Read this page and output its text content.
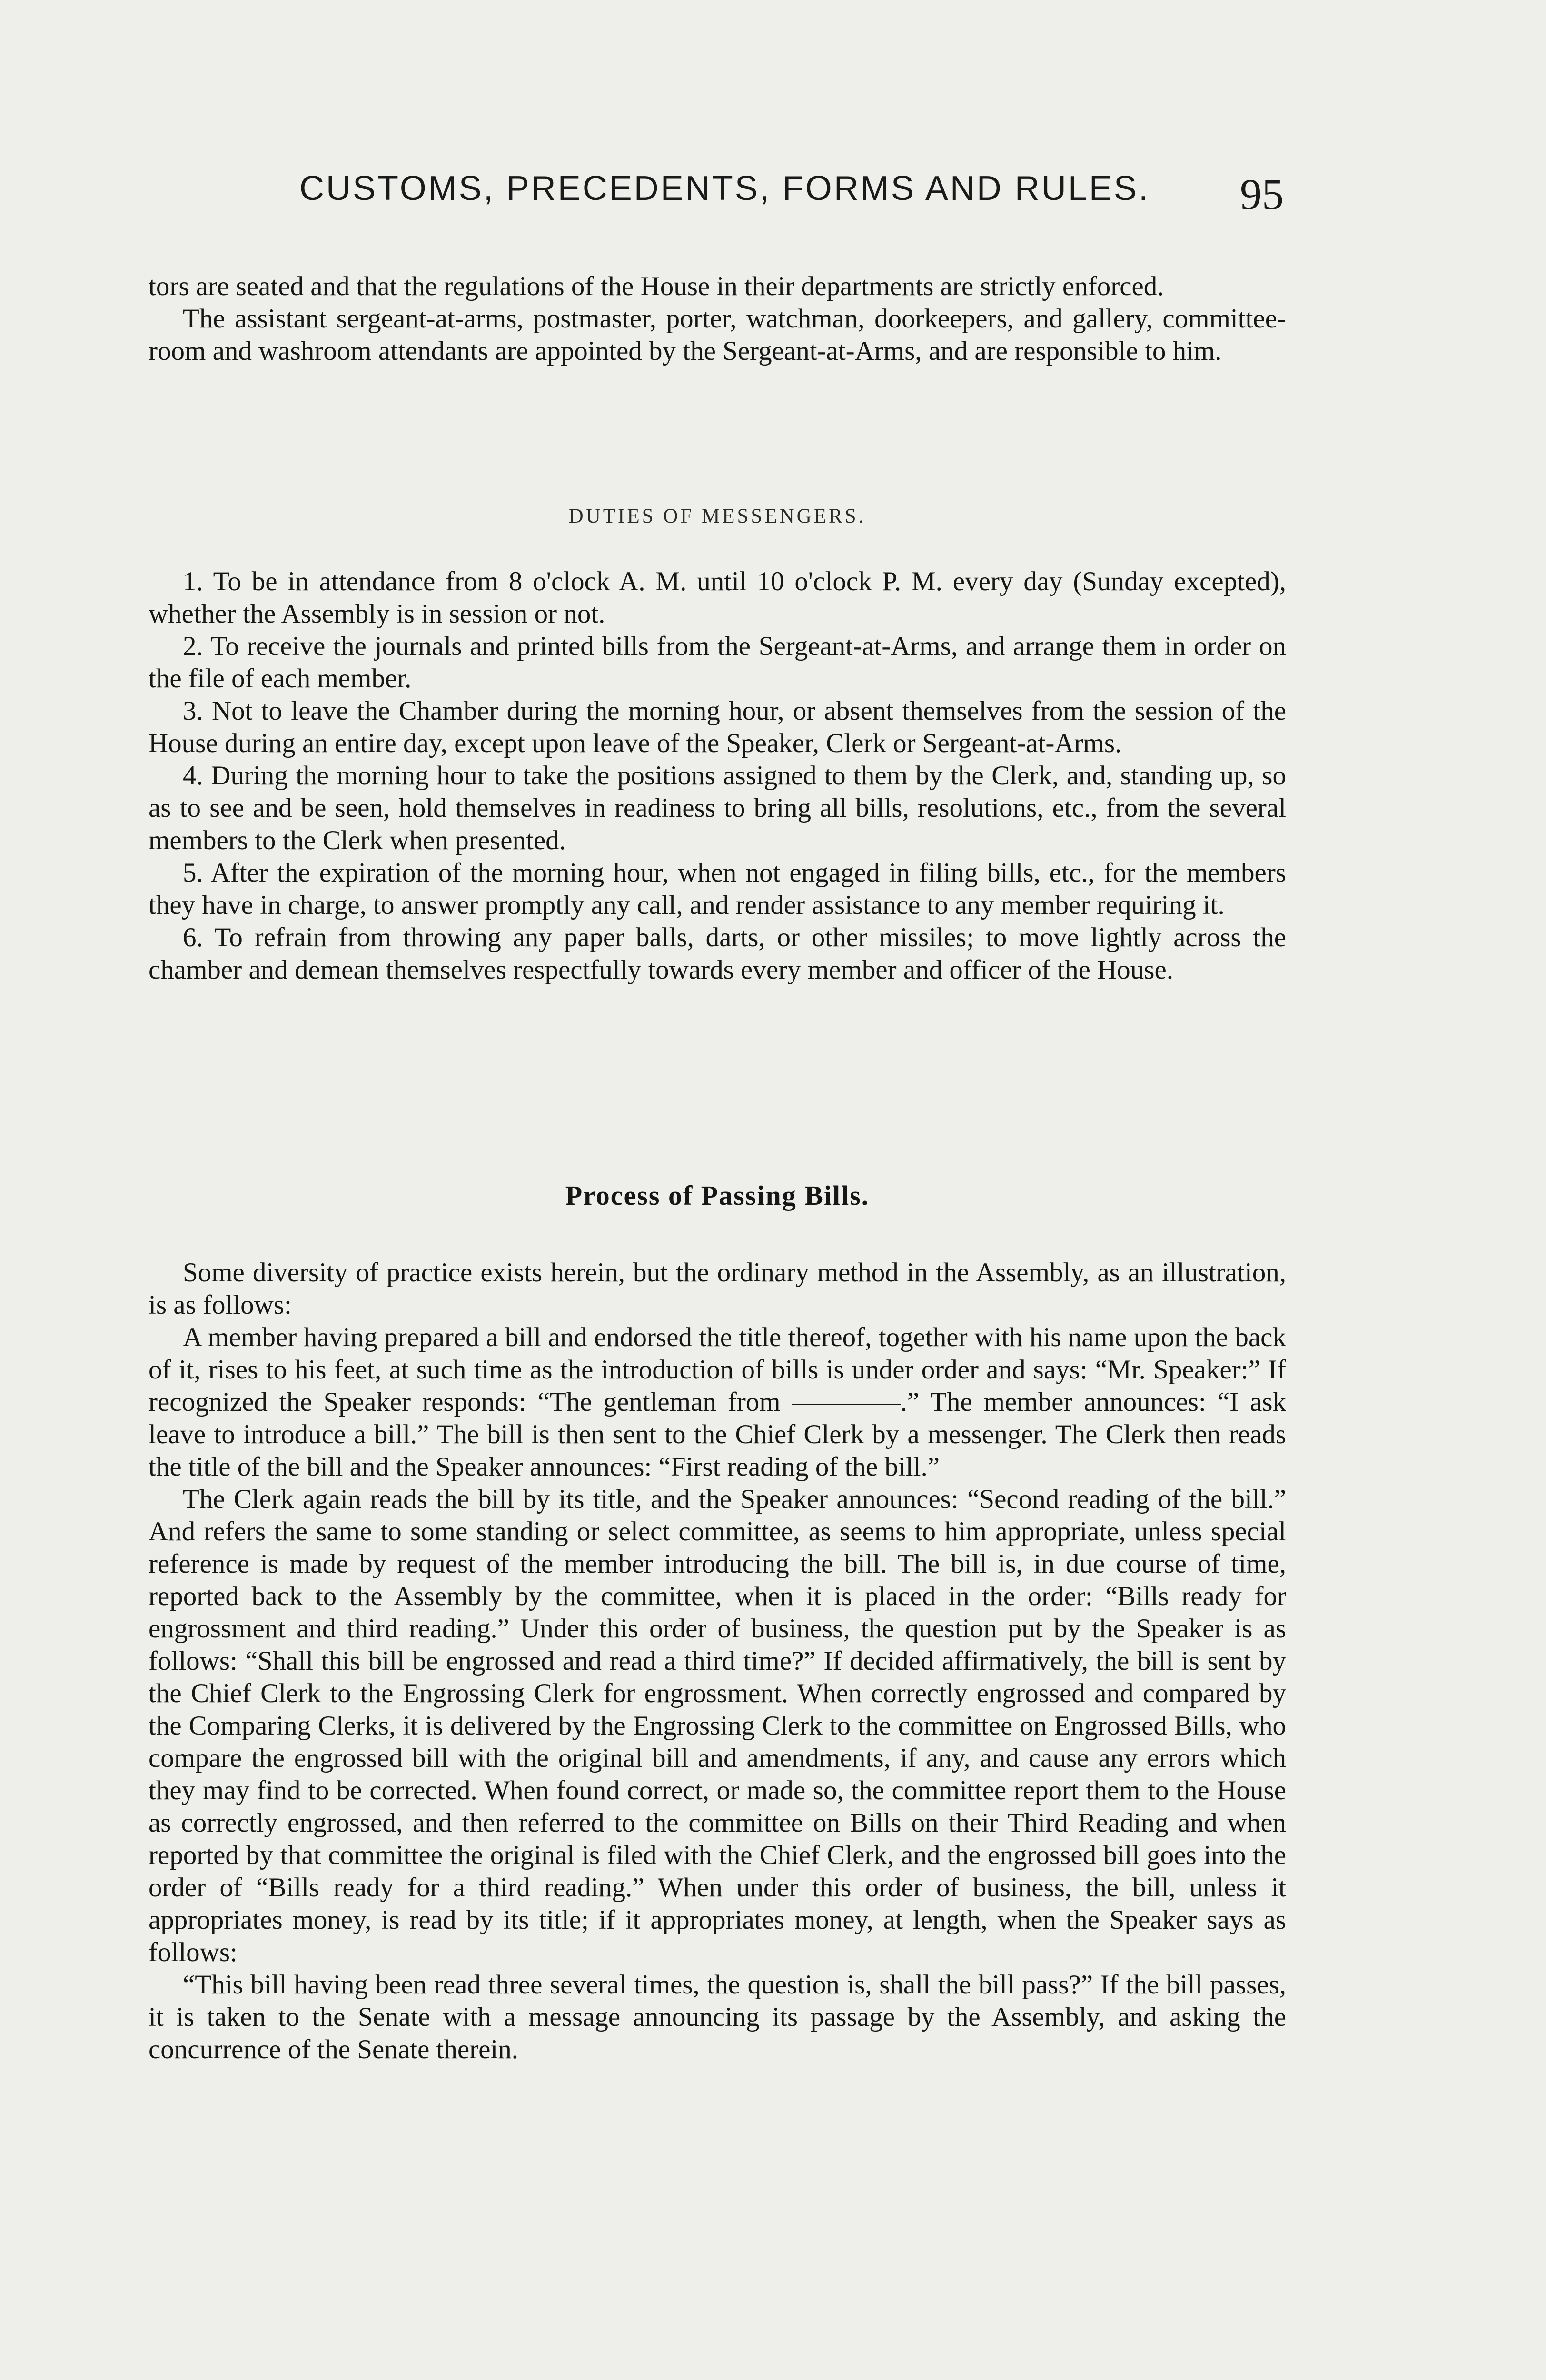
CUSTOMS, PRECEDENTS, FORMS AND RULES.	95

tors are seated and that the regulations of the House in their departments are strictly enforced.

The assistant sergeant-at-arms, postmaster, porter, watchman, doorkeepers, and gallery, committee-room and washroom attendants are appointed by the Sergeant-at-Arms, and are responsible to him.

DUTIES OF MESSENGERS.

1. To be in attendance from 8 o'clock A. M. until 10 o'clock P. M. every day (Sunday excepted), whether the Assembly is in session or not.

2. To receive the journals and printed bills from the Sergeant-at-Arms, and arrange them in order on the file of each member.

3. Not to leave the Chamber during the morning hour, or absent themselves from the session of the House during an entire day, except upon leave of the Speaker, Clerk or Sergeant-at-Arms.

4. During the morning hour to take the positions assigned to them by the Clerk, and, standing up, so as to see and be seen, hold themselves in readiness to bring all bills, resolutions, etc., from the several members to the Clerk when presented.

5. After the expiration of the morning hour, when not engaged in filing bills, etc., for the members they have in charge, to answer promptly any call, and render assistance to any member requiring it.

6. To refrain from throwing any paper balls, darts, or other missiles; to move lightly across the chamber and demean themselves respectfully towards every member and officer of the House.

Process of Passing Bills.

Some diversity of practice exists herein, but the ordinary method in the Assembly, as an illustration, is as follows:

A member having prepared a bill and endorsed the title thereof, together with his name upon the back of it, rises to his feet, at such time as the introduction of bills is under order and says: “Mr. Speaker:” If recognized the Speaker responds: “The gentleman from ————.” The member announces: “I ask leave to introduce a bill.” The bill is then sent to the Chief Clerk by a messenger. The Clerk then reads the title of the bill and the Speaker announces: “First reading of the bill.”

The Clerk again reads the bill by its title, and the Speaker announces: “Second reading of the bill.” And refers the same to some standing or select committee, as seems to him appropriate, unless special reference is made by request of the member introducing the bill. The bill is, in due course of time, reported back to the Assembly by the committee, when it is placed in the order: “Bills ready for engrossment and third reading.” Under this order of business, the question put by the Speaker is as follows: “Shall this bill be engrossed and read a third time?” If decided affirmatively, the bill is sent by the Chief Clerk to the Engrossing Clerk for engrossment. When correctly engrossed and compared by the Comparing Clerks, it is delivered by the Engrossing Clerk to the committee on Engrossed Bills, who compare the engrossed bill with the original bill and amendments, if any, and cause any errors which they may find to be corrected. When found correct, or made so, the committee report them to the House as correctly engrossed, and then referred to the committee on Bills on their Third Reading and when reported by that committee the original is filed with the Chief Clerk, and the engrossed bill goes into the order of “Bills ready for a third reading.” When under this order of business, the bill, unless it appropriates money, is read by its title; if it appropriates money, at length, when the Speaker says as follows:

“This bill having been read three several times, the question is, shall the bill pass?” If the bill passes, it is taken to the Senate with a message announcing its passage by the Assembly, and asking the concurrence of the Senate therein.
